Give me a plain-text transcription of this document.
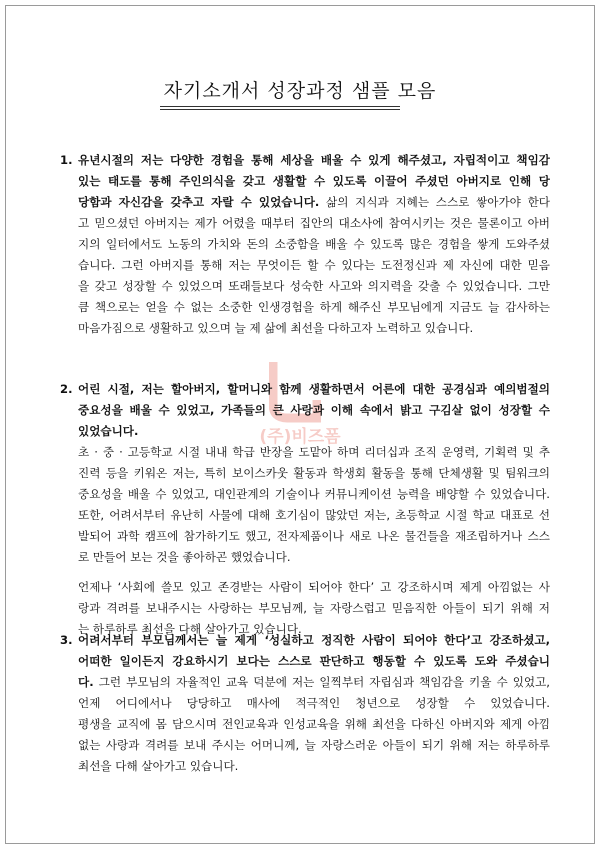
자기소개서 성장과정 샘플 모음
(주)비즈폼
1. 유년시절의 저는 다양한 경험을 통해 세상을 배울 수 있게 해주셨고, 자립적이고 책임감
있는 태도를 통해 주인의식을 갖고 생활할 수 있도록 이끌어 주셨던 아버지로 인해 당
당함과 자신감을 갖추고 자랄 수 있었습니다. 삶의 지식과 지혜는 스스로 쌓아가야 한다
고 믿으셨던 아버지는 제가 어렸을 때부터 집안의 대소사에 참여시키는 것은 물론이고 아버
지의 일터에서도 노동의 가치와 돈의 소중함을 배울 수 있도록 많은 경험을 쌓게 도와주셨
습니다. 그런 아버지를 통해 저는 무엇이든 할 수 있다는 도전정신과 제 자신에 대한 믿음
을 갖고 성장할 수 있었으며 또래들보다 성숙한 사고와 의지력을 갖출 수 있었습니다. 그만
큼 책으로는 얻을 수 없는 소중한 인생경험을 하게 해주신 부모님에게 지금도 늘 감사하는
마음가짐으로 생활하고 있으며 늘 제 삶에 최선을 다하고자 노력하고 있습니다.
2. 어린 시절, 저는 할아버지, 할머니와 함께 생활하면서 어른에 대한 공경심과 예의범절의
중요성을 배울 수 있었고, 가족들의 큰 사랑과 이해 속에서 밝고 구김살 없이 성장할 수
있었습니다.
초 · 중 · 고등학교 시절 내내 학급 반장을 도맡아 하며 리더십과 조직 운영력, 기획력 및 추
진력 등을 키워온 저는, 특히 보이스카웃 활동과 학생회 활동을 통해 단체생활 및 팀워크의
중요성을 배울 수 있었고, 대인관계의 기술이나 커뮤니케이션 능력을 배양할 수 있었습니다.
또한, 어려서부터 유난히 사물에 대해 호기심이 많았던 저는, 초등학교 시절 학교 대표로 선
발되어 과학 캠프에 참가하기도 했고, 전자제품이나 새로 나온 물건들을 재조립하거나 스스
로 만들어 보는 것을 좋아하곤 했었습니다.
언제나 ‘사회에 쓸모 있고 존경받는 사람이 되어야 한다’ 고 강조하시며 제게 아낌없는 사
랑과 격려를 보내주시는 사랑하는 부모님께, 늘 자랑스럽고 믿음직한 아들이 되기 위해 저
는 하루하루 최선을 다해 살아가고 있습니다.
3. 어려서부터 부모님께서는 늘 제게 ‘성실하고 정직한 사람이 되어야 한다’고 강조하셨고,
어떠한 일이든지 강요하시기 보다는 스스로 판단하고 행동할 수 있도록 도와 주셨습니
다. 그런 부모님의 자율적인 교육 덕분에 저는 일찍부터 자립심과 책임감을 키울 수 있었고,
언제 어디에서나 당당하고 매사에 적극적인 청년으로 성장할 수 있었습니다.
평생을 교직에 몸 담으시며 전인교육과 인성교육을 위해 최선을 다하신 아버지와 제게 아낌
없는 사랑과 격려를 보내 주시는 어머니께, 늘 자랑스러운 아들이 되기 위해 저는 하루하루
최선을 다해 살아가고 있습니다.
